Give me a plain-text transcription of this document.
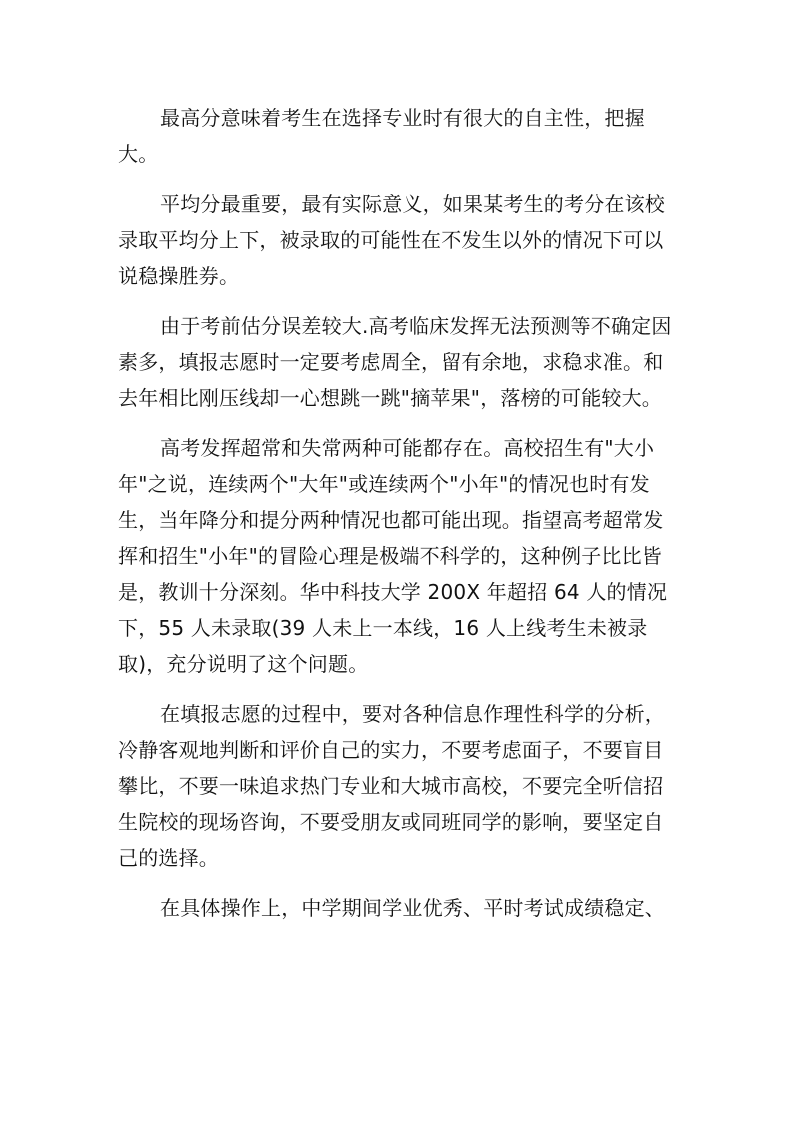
最高分意味着考生在选择专业时有很大的自主性，把握大。

平均分最重要，最有实际意义，如果某考生的考分在该校录取平均分上下，被录取的可能性在不发生以外的情况下可以说稳操胜券。

由于考前估分误差较大.高考临床发挥无法预测等不确定因素多，填报志愿时一定要考虑周全，留有余地，求稳求准。和去年相比刚压线却一心想跳一跳"摘苹果"，落榜的可能较大。

高考发挥超常和失常两种可能都存在。高校招生有"大小年"之说，连续两个"大年"或连续两个"小年"的情况也时有发生，当年降分和提分两种情况也都可能出现。指望高考超常发挥和招生"小年"的冒险心理是极端不科学的，这种例子比比皆是，教训十分深刻。华中科技大学 200X 年超招 64 人的情况下，55 人未录取(39 人未上一本线，16 人上线考生未被录取)，充分说明了这个问题。

在填报志愿的过程中，要对各种信息作理性科学的分析，冷静客观地判断和评价自己的实力，不要考虑面子，不要盲目攀比，不要一味追求热门专业和大城市高校，不要完全听信招生院校的现场咨询，不要受朋友或同班同学的影响，要坚定自己的选择。

在具体操作上，中学期间学业优秀、平时考试成绩稳定、
